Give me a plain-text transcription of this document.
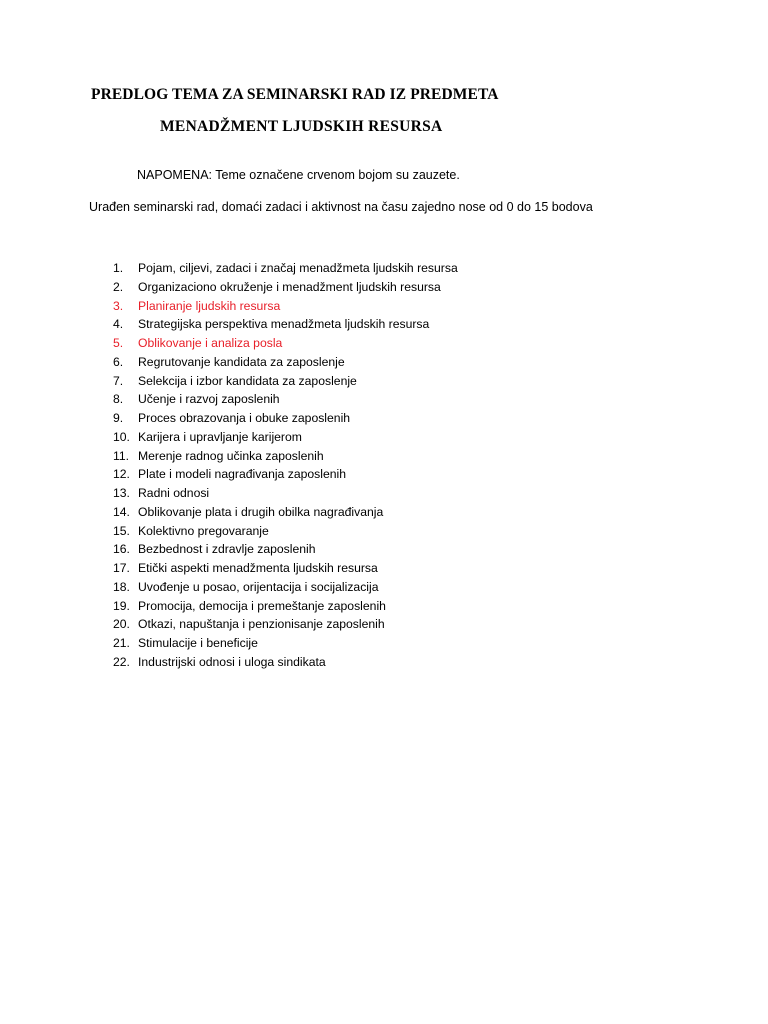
PREDLOG TEMA ZA SEMINARSKI RAD IZ PREDMETA
MENADŽMENT LJUDSKIH RESURSA
NAPOMENA: Teme označene crvenom bojom su zauzete.
Urađen seminarski rad, domaći zadaci i aktivnost na času zajedno nose od 0 do 15 bodova
1.	Pojam, ciljevi, zadaci i značaj menadžmeta ljudskih resursa
2.	Organizaciono okruženje i menadžment ljudskih resursa
3.	Planiranje ljudskih resursa
4.	Strategijska perspektiva menadžmeta ljudskih resursa
5.	Oblikovanje i analiza posla
6.	Regrutovanje kandidata za zaposlenje
7.	Selekcija i izbor kandidata za zaposlenje
8.	Učenje i razvoj zaposlenih
9.	Proces obrazovanja i obuke zaposlenih
10. Karijera i upravljanje karijerom
11. Merenje radnog učinka zaposlenih
12. Plate i modeli nagrađivanja zaposlenih
13. Radni odnosi
14. Oblikovanje plata i drugih obilka nagrađivanja
15. Kolektivno pregovaranje
16. Bezbednost i zdravlje zaposlenih
17. Etički aspekti menadžmenta ljudskih resursa
18. Uvođenje u posao, orijentacija i socijalizacija
19. Promocija, democija i premeštanje zaposlenih
20. Otkazi, napuštanja i penzionisanje zaposlenih
21. Stimulacije i beneficije
22. Industrijski odnosi i uloga sindikata
